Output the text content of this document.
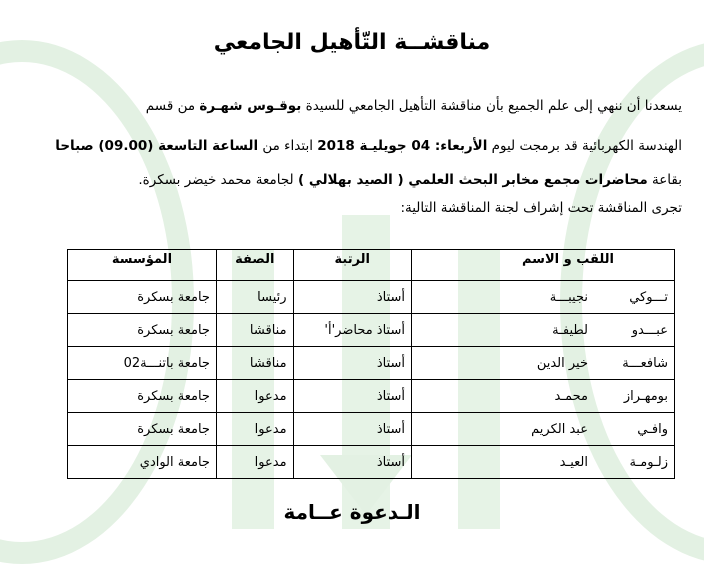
مناقشــة التّأهيل الجامعي
يسعدنا أن ننهي إلى علم الجميع بأن مناقشة التأهيل الجامعي للسيدة بوقـوس شهـرة من قسم
الهندسة الكهربائية قد برمجت ليوم الأربعاء: 04 جويليـة 2018 ابتداء من الساعة التاسعة (09.00) صباحا
بقاعة محاضرات مجمع مخابر البحث العلمي ( الصيد بهلالي ) لجامعة محمد خيضر بسكرة.
تجرى المناقشة تحت إشراف لجنة المناقشة التالية:
اللقب و الاسم	الرتبة	الصفة	المؤسسة
تـــوكينجيبـــة	أستاذ	رئيسا	جامعة بسكرة
عبـــدولطيفـة	أستاذ محاضر'أ'	مناقشا	جامعة بسكرة
شافعـــةخير الدين	أستاذ	مناقشا	جامعة باتنـــة02
بومهـرازمحمـد	أستاذ	مدعوا	جامعة بسكرة
وافـيعبد الكريم	أستاذ	مدعوا	جامعة بسكرة
زلـومـةالعيـد	أستاذ	مدعوا	جامعة الوادي
الـدعوة عــامة
